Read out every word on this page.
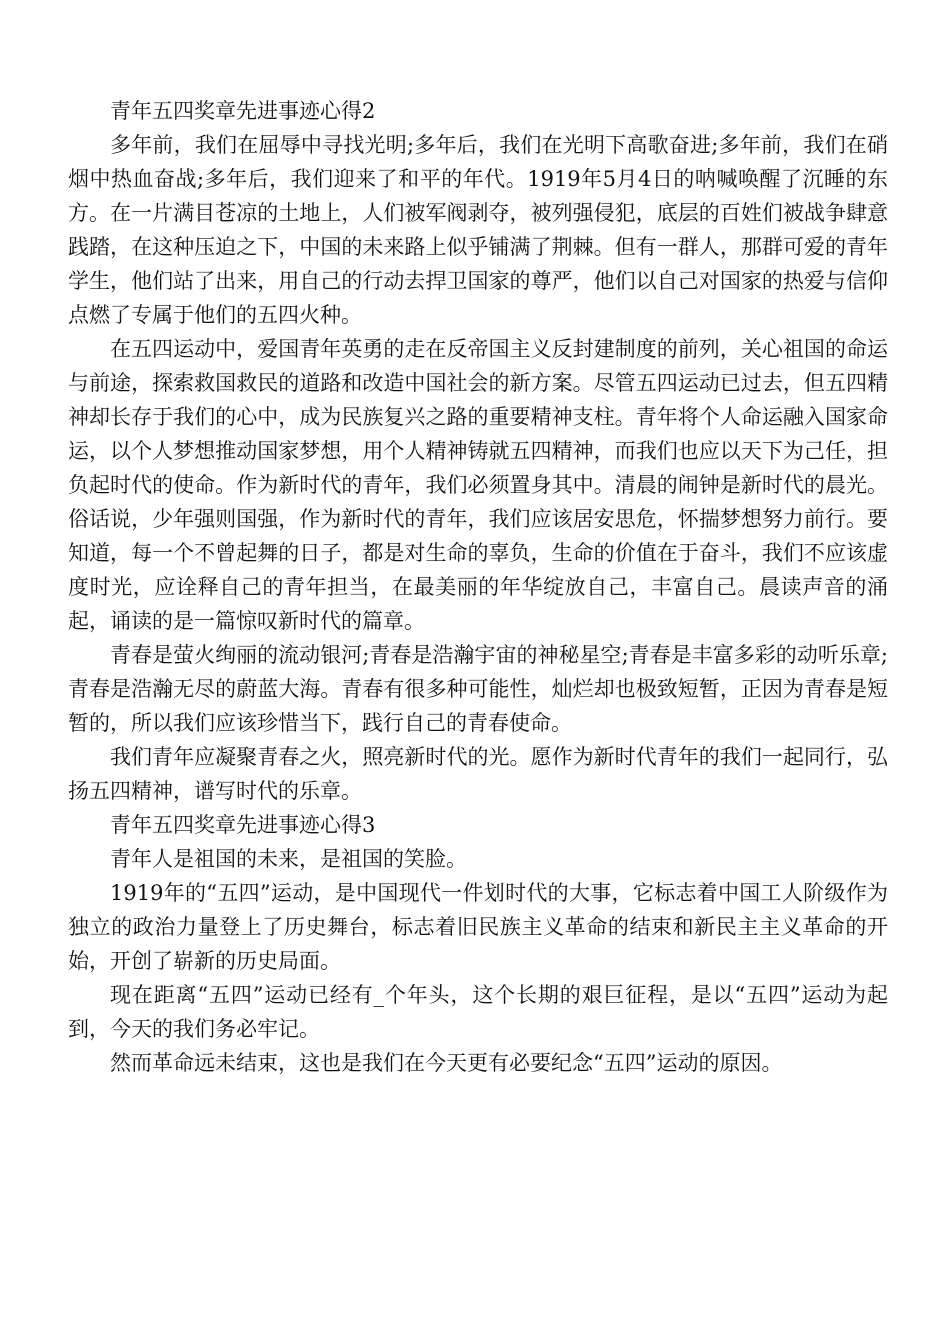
青年五四奖章先进事迹心得2

多年前，我们在屈辱中寻找光明;多年后，我们在光明下高歌奋进;多年前，我们在硝烟中热血奋战;多年后，我们迎来了和平的年代。1919年5月4日的呐喊唤醒了沉睡的东方。在一片满目苍凉的土地上，人们被军阀剥夺，被列强侵犯，底层的百姓们被战争肆意践踏，在这种压迫之下，中国的未来路上似乎铺满了荆棘。但有一群人，那群可爱的青年学生，他们站了出来，用自己的行动去捍卫国家的尊严，他们以自己对国家的热爱与信仰点燃了专属于他们的五四火种。

在五四运动中，爱国青年英勇的走在反帝国主义反封建制度的前列，关心祖国的命运与前途，探索救国救民的道路和改造中国社会的新方案。尽管五四运动已过去，但五四精神却长存于我们的心中，成为民族复兴之路的重要精神支柱。青年将个人命运融入国家命运，以个人梦想推动国家梦想，用个人精神铸就五四精神，而我们也应以天下为己任，担负起时代的使命。作为新时代的青年，我们必须置身其中。清晨的闹钟是新时代的晨光。俗话说，少年强则国强，作为新时代的青年，我们应该居安思危，怀揣梦想努力前行。要知道，每一个不曾起舞的日子，都是对生命的辜负，生命的价值在于奋斗，我们不应该虚度时光，应诠释自己的青年担当，在最美丽的年华绽放自己，丰富自己。晨读声音的涌起，诵读的是一篇惊叹新时代的篇章。

青春是萤火绚丽的流动银河;青春是浩瀚宇宙的神秘星空;青春是丰富多彩的动听乐章;青春是浩瀚无尽的蔚蓝大海。青春有很多种可能性，灿烂却也极致短暂，正因为青春是短暂的，所以我们应该珍惜当下，践行自己的青春使命。

我们青年应凝聚青春之火，照亮新时代的光。愿作为新时代青年的我们一起同行，弘扬五四精神，谱写时代的乐章。

青年五四奖章先进事迹心得3

青年人是祖国的未来，是祖国的笑脸。

1919年的“五四”运动，是中国现代一件划时代的大事，它标志着中国工人阶级作为独立的政治力量登上了历史舞台，标志着旧民族主义革命的结束和新民主主义革命的开始，开创了崭新的历史局面。

现在距离“五四”运动已经有_个年头，这个长期的艰巨征程，是以“五四”运动为起到，今天的我们务必牢记。

然而革命远未结束，这也是我们在今天更有必要纪念“五四”运动的原因。
